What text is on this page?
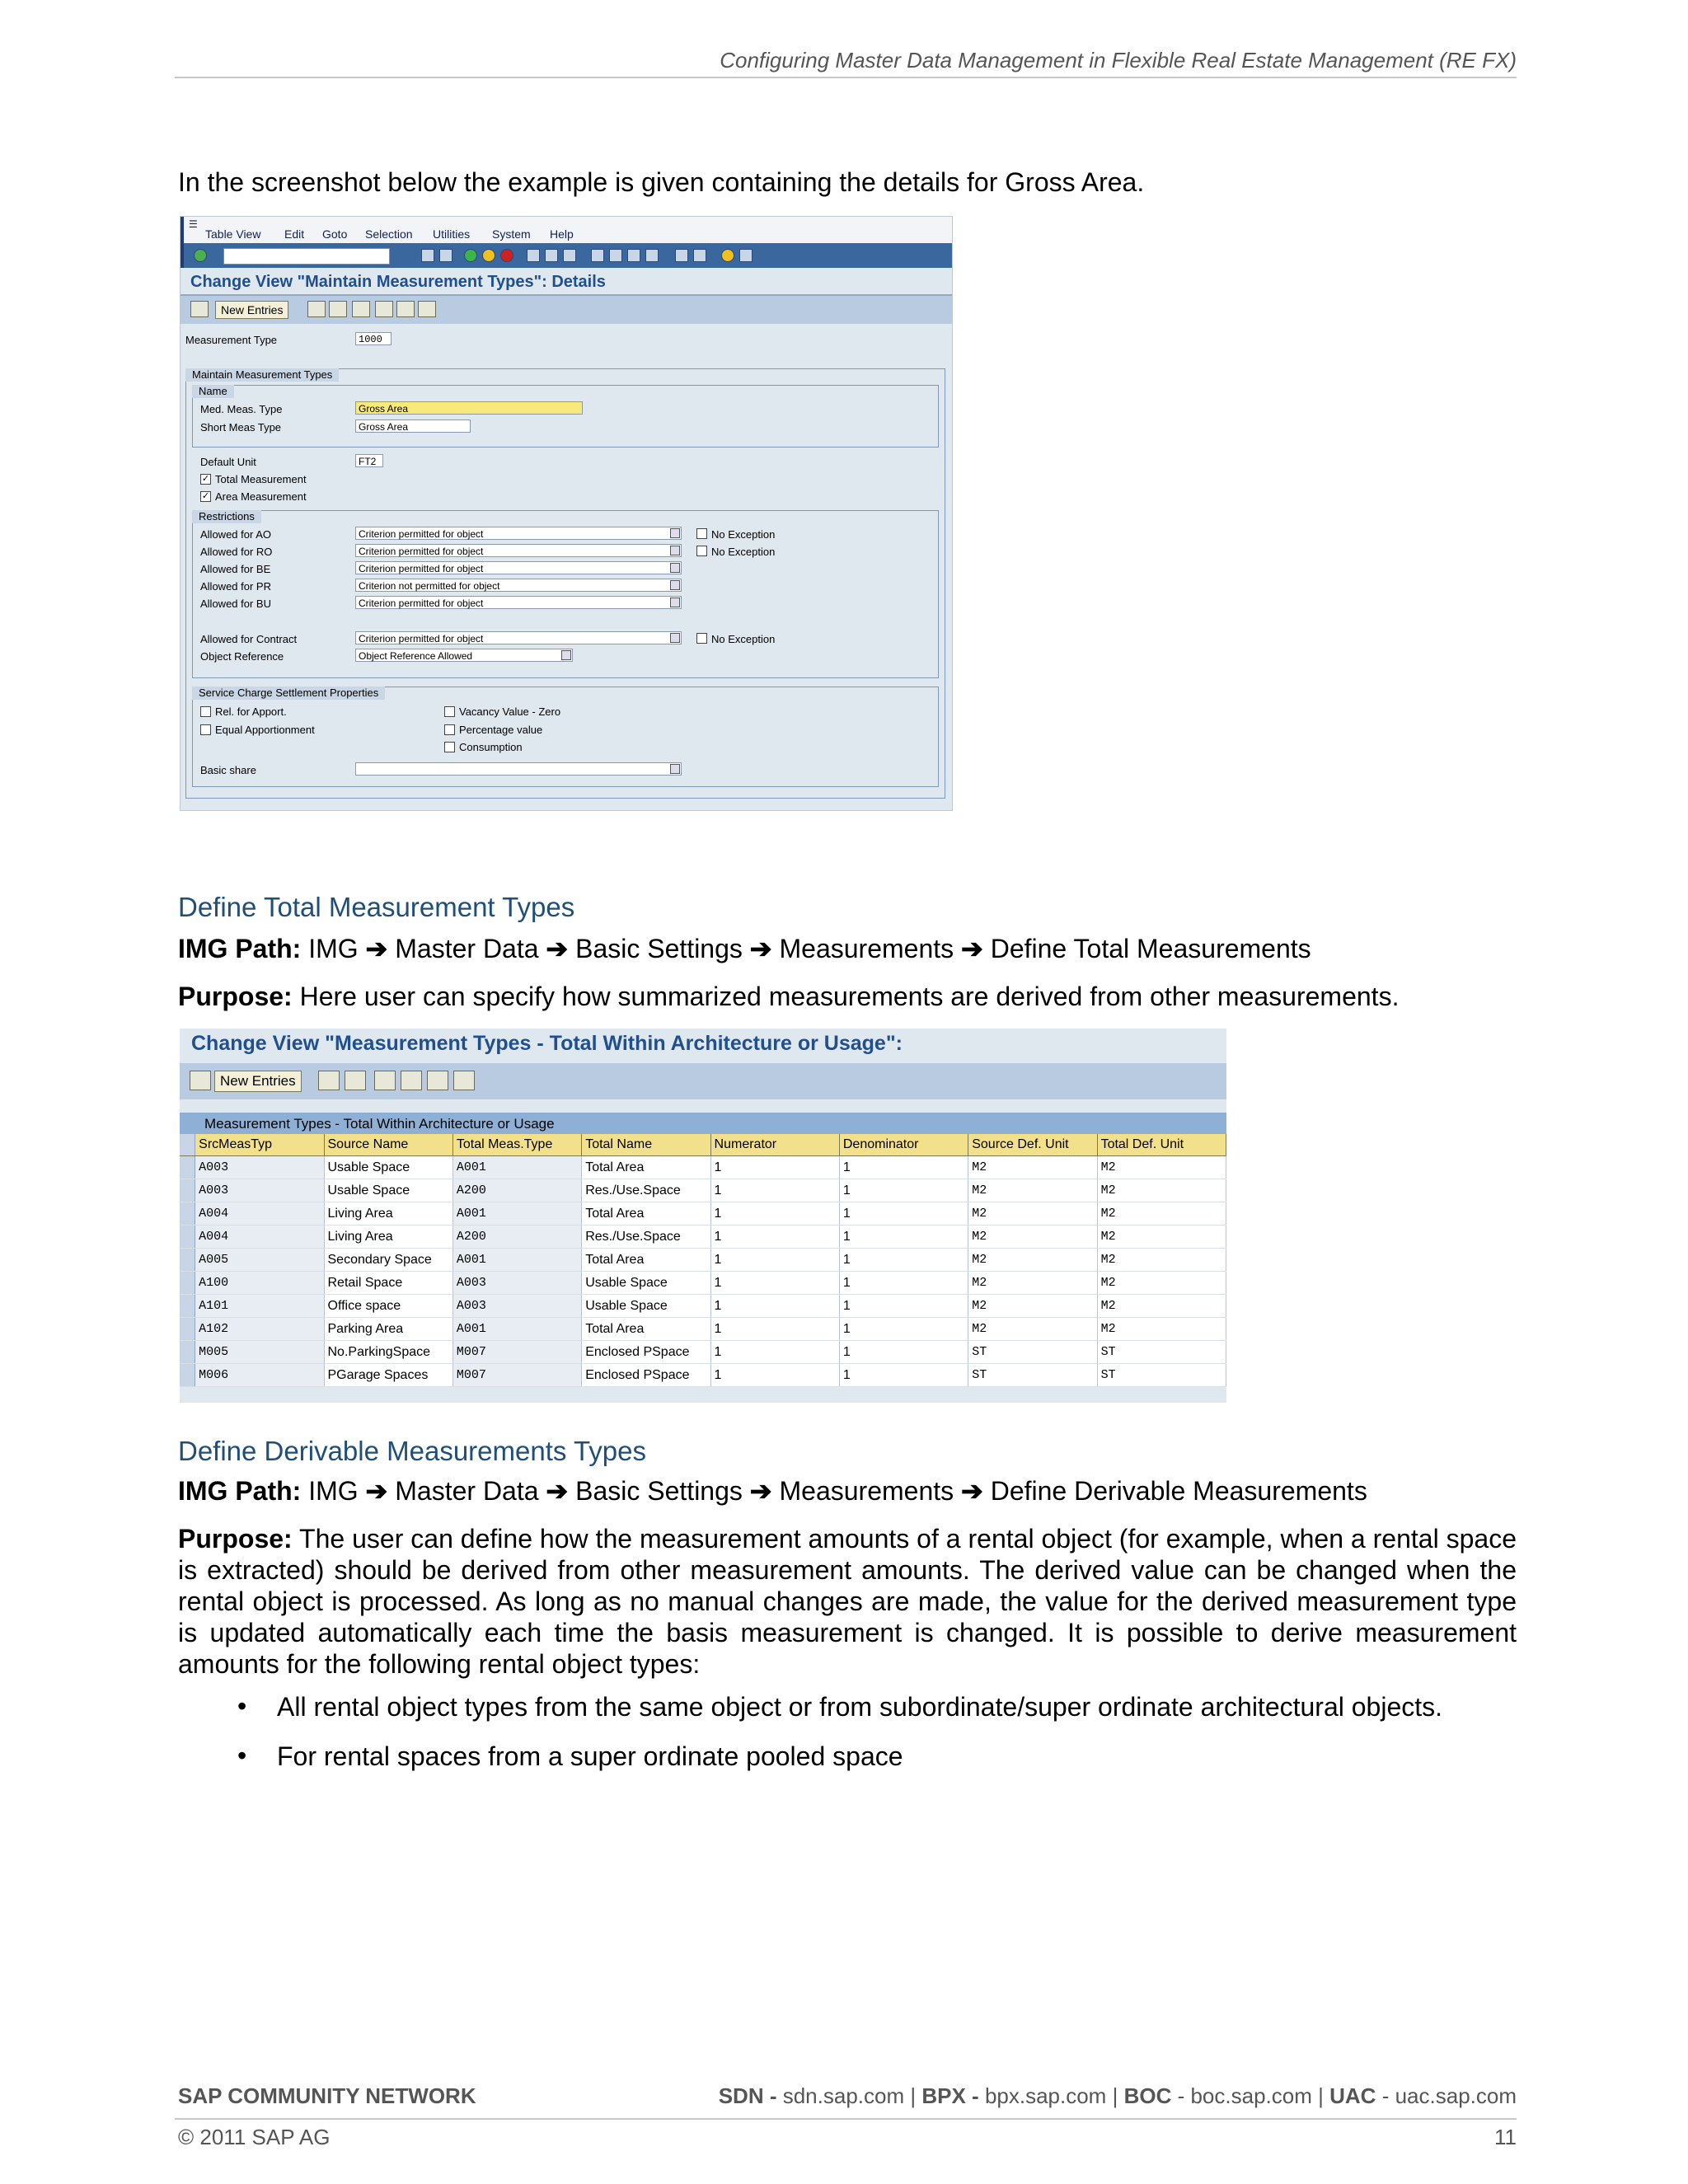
Configuring Master Data Management in Flexible Real Estate Management (RE FX)
In the screenshot below the example is given containing the details for Gross Area.
☰
Table View Edit Goto Selection Utilities System Help
Change View "Maintain Measurement Types": Details
New Entries
Measurement Type	1000
Maintain Measurement Types
Name
Med. Meas. Type	Gross Area
Short Meas Type	Gross Area
Default Unit	FT2
✓ Total Measurement
✓ Area Measurement
Restrictions
Allowed for AO	Criterion permitted for object	No Exception
Allowed for RO	Criterion permitted for object	No Exception
Allowed for BE	Criterion permitted for object
Allowed for PR	Criterion not permitted for object
Allowed for BU	Criterion permitted for object
Allowed for Contract	Criterion permitted for object	No Exception
Object Reference	Object Reference Allowed
Service Charge Settlement Properties
Rel. for Apport.
Equal Apportionment
Vacancy Value - Zero
Percentage value
Consumption
Basic share
Define Total Measurement Types
IMG Path: IMG ➔ Master Data ➔ Basic Settings ➔ Measurements ➔ Define Total Measurements
Purpose: Here user can specify how summarized measurements are derived from other measurements.
Change View "Measurement Types - Total Within Architecture or Usage":
New Entries
Measurement Types - Total Within Architecture or Usage
	SrcMeasTyp	Source Name	Total Meas.Type	Total Name	Numerator	Denominator	Source Def. Unit	Total Def. Unit
	A003	Usable Space	A001	Total Area	1	1	M2	M2
	A003	Usable Space	A200	Res./Use.Space	1	1	M2	M2
	A004	Living Area	A001	Total Area	1	1	M2	M2
	A004	Living Area	A200	Res./Use.Space	1	1	M2	M2
	A005	Secondary Space	A001	Total Area	1	1	M2	M2
	A100	Retail Space	A003	Usable Space	1	1	M2	M2
	A101	Office space	A003	Usable Space	1	1	M2	M2
	A102	Parking Area	A001	Total Area	1	1	M2	M2
	M005	No.ParkingSpace	M007	Enclosed PSpace	1	1	ST	ST
	M006	PGarage Spaces	M007	Enclosed PSpace	1	1	ST	ST
Define Derivable Measurements Types
IMG Path: IMG ➔ Master Data ➔ Basic Settings ➔ Measurements ➔ Define Derivable Measurements
Purpose: The user can define how the measurement amounts of a rental object (for example, when a rental space is extracted) should be derived from other measurement amounts. The derived value can be changed when the rental object is processed. As long as no manual changes are made, the value for the derived measurement type is updated automatically each time the basis measurement is changed. It is possible to derive measurement amounts for the following rental object types:
• All rental object types from the same object or from subordinate/super ordinate architectural objects.
• For rental spaces from a super ordinate pooled space
SAP COMMUNITY NETWORK	SDN - sdn.sap.com | BPX - bpx.sap.com | BOC - boc.sap.com | UAC - uac.sap.com
© 2011 SAP AG	11
